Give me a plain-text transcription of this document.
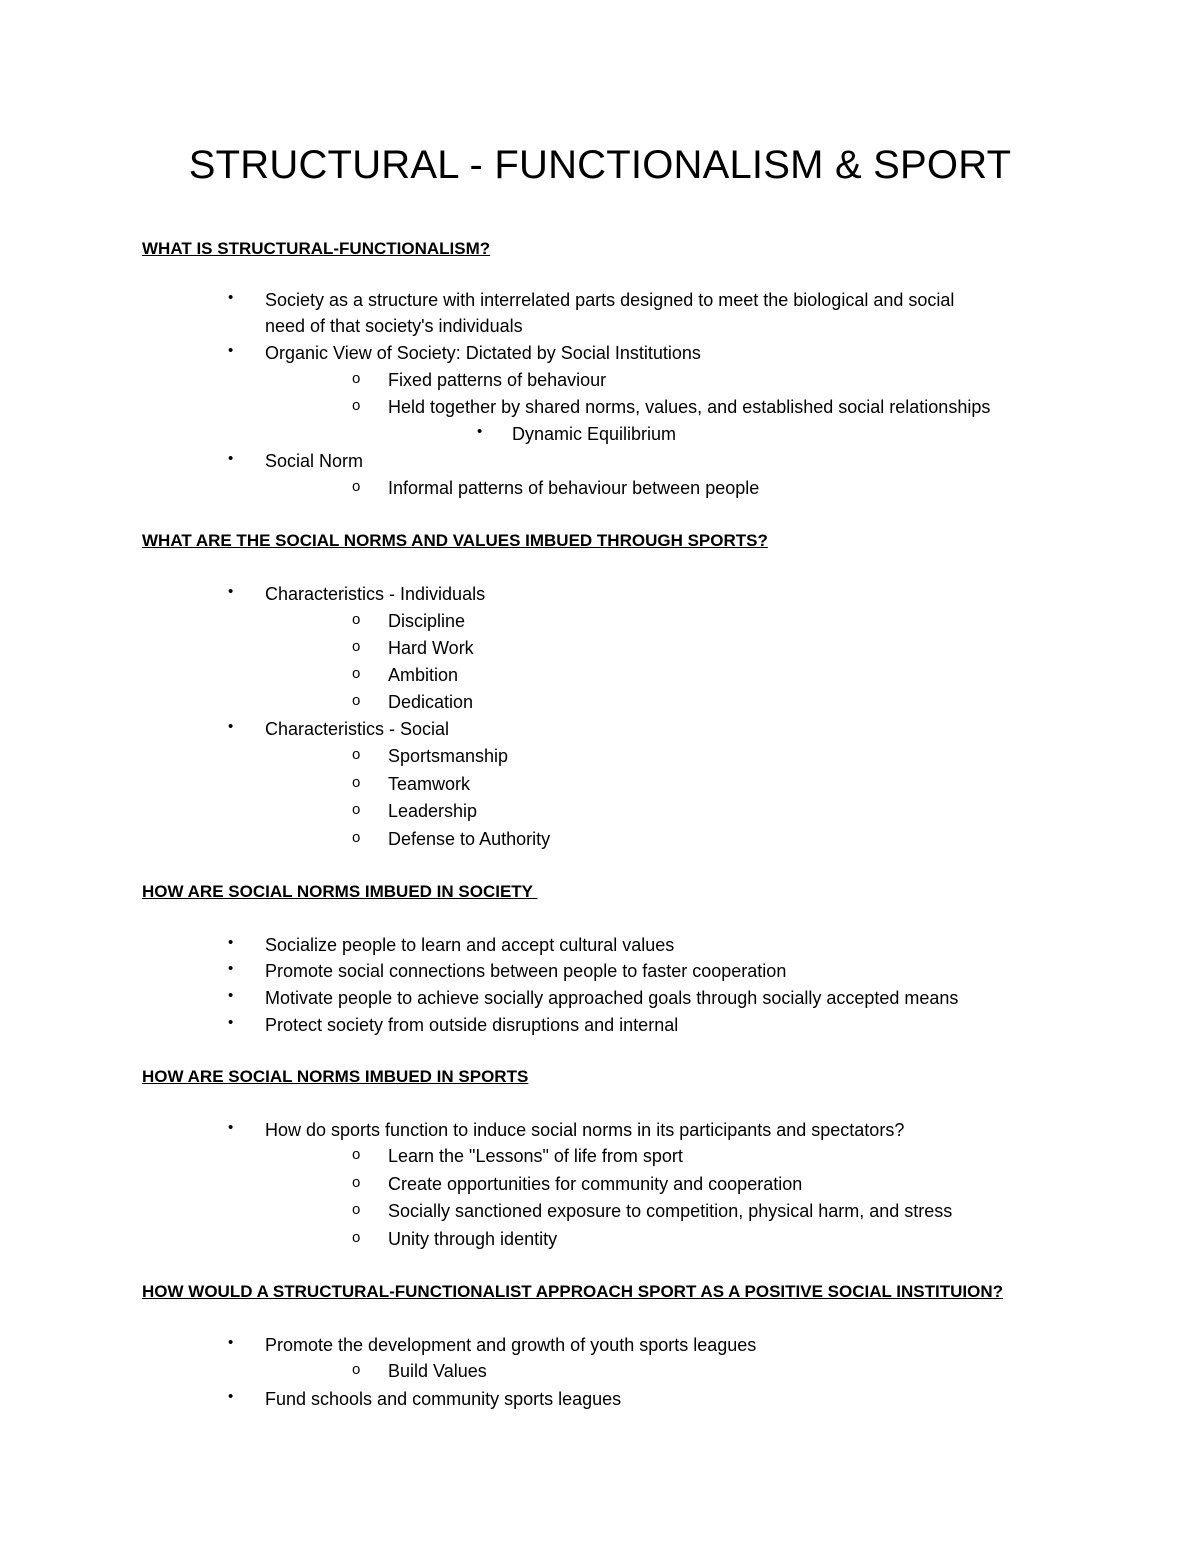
STRUCTURAL - FUNCTIONALISM & SPORT
WHAT IS STRUCTURAL-FUNCTIONALISM?
• Society as a structure with interrelated parts designed to meet the biological and social
need of that society's individuals
• Organic View of Society: Dictated by Social Institutions
o Fixed patterns of behaviour
o Held together by shared norms, values, and established social relationships
• Dynamic Equilibrium
• Social Norm
o Informal patterns of behaviour between people
WHAT ARE THE SOCIAL NORMS AND VALUES IMBUED THROUGH SPORTS?
• Characteristics - Individuals
o Discipline
o Hard Work
o Ambition
o Dedication
• Characteristics - Social
o Sportsmanship
o Teamwork
o Leadership
o Defense to Authority
HOW ARE SOCIAL NORMS IMBUED IN SOCIETY
• Socialize people to learn and accept cultural values
• Promote social connections between people to faster cooperation
• Motivate people to achieve socially approached goals through socially accepted means
• Protect society from outside disruptions and internal
HOW ARE SOCIAL NORMS IMBUED IN SPORTS
• How do sports function to induce social norms in its participants and spectators?
o Learn the "Lessons" of life from sport
o Create opportunities for community and cooperation
o Socially sanctioned exposure to competition, physical harm, and stress
o Unity through identity
HOW WOULD A STRUCTURAL-FUNCTIONALIST APPROACH SPORT AS A POSITIVE SOCIAL INSTITUION?
• Promote the development and growth of youth sports leagues
o Build Values
• Fund schools and community sports leagues
